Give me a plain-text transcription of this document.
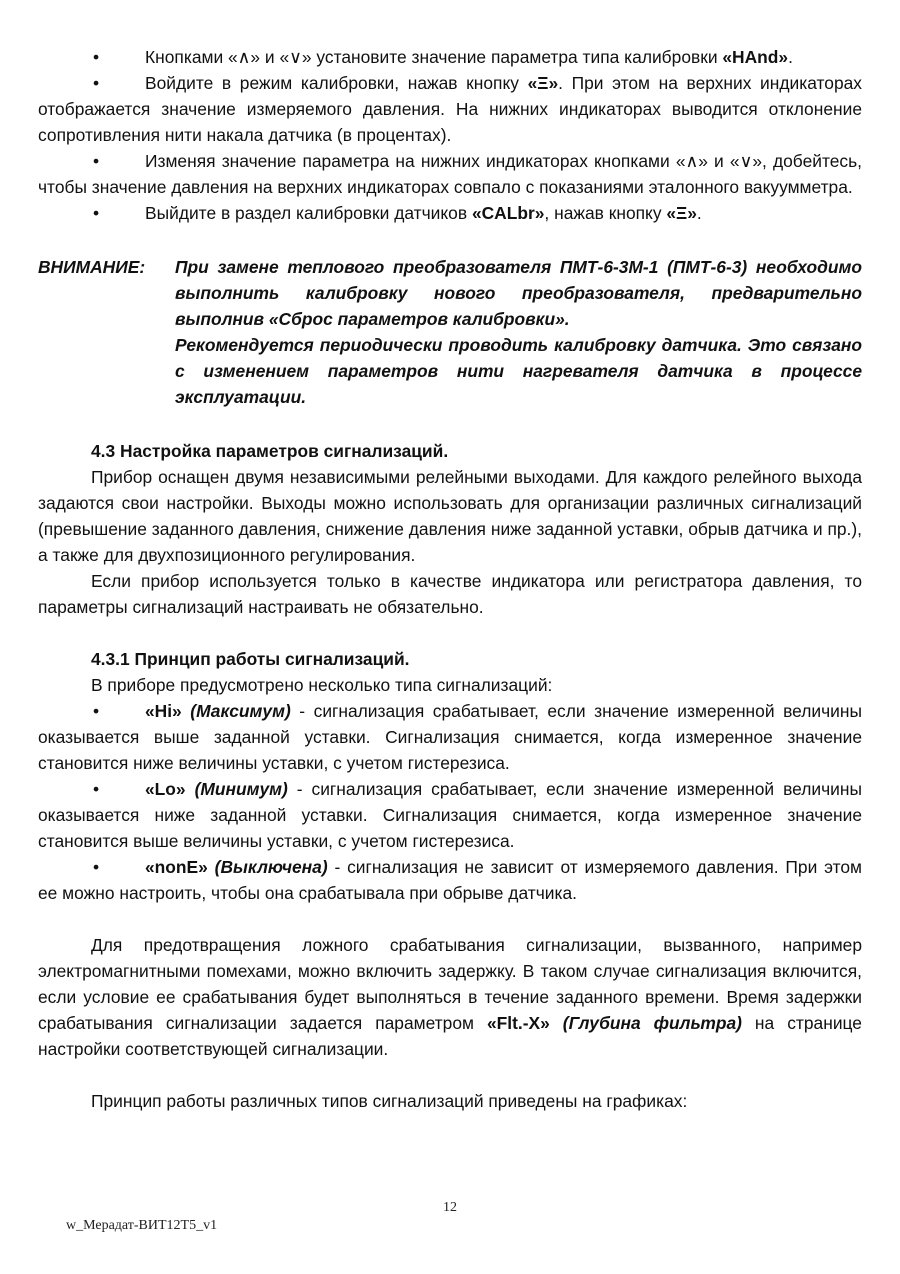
•	Кнопками «∧» и «∨» установите значение параметра типа калибровки «HAnd».

•	Войдите в режим калибровки, нажав кнопку «Ξ». При этом на верхних индикаторах отображается значение измеряемого давления. На нижних индикаторах выводится отклонение сопротивления нити накала датчика (в процентах).

•	Изменяя значение параметра на нижних индикаторах кнопками «∧» и «∨», добейтесь, чтобы значение давления на верхних индикаторах совпало с показаниями эталонного вакуумметра.

•	Выйдите в раздел калибровки датчиков «CALbr», нажав кнопку «Ξ».

ВНИМАНИЕ:	При замене теплового преобразователя ПМТ-6-3М-1 (ПМТ-6-3) необходимо выполнить калибровку нового преобразователя, предварительно выполнив «Сброс параметров калибровки».

Рекомендуется периодически проводить калибровку датчика. Это связано с изменением параметров нити нагревателя датчика в процессе эксплуатации.

4.3 Настройка параметров сигнализаций.

Прибор оснащен двумя независимыми релейными выходами. Для каждого релейного выхода задаются свои настройки. Выходы можно использовать для организации различных сигнализаций (превышение заданного давления, снижение давления ниже заданной уставки, обрыв датчика и пр.), а также для двухпозиционного регулирования.

Если прибор используется только в качестве индикатора или регистратора давления, то параметры сигнализаций настраивать не обязательно.

4.3.1 Принцип работы сигнализаций.

В приборе предусмотрено несколько типа сигнализаций:

•	«Hi» (Максимум) - сигнализация срабатывает, если значение измеренной величины оказывается выше заданной уставки. Сигнализация снимается, когда измеренное значение становится ниже величины уставки, с учетом гистерезиса.

•	«Lo» (Минимум) - сигнализация срабатывает, если значение измеренной величины оказывается ниже заданной уставки. Сигнализация снимается, когда измеренное значение становится выше величины уставки, с учетом гистерезиса.

•	«nonE» (Выключена) - сигнализация не зависит от измеряемого давления. При этом ее можно настроить, чтобы она срабатывала при обрыве датчика.

Для предотвращения ложного срабатывания сигнализации, вызванного, например электромагнитными помехами, можно включить задержку. В таком случае сигнализация включится, если условие ее срабатывания будет выполняться в течение заданного времени. Время задержки срабатывания сигнализации задается параметром «Flt.-X» (Глубина фильтра) на странице настройки соответствующей сигнализации.

Принцип работы различных типов сигнализаций приведены на графиках:

12
w_Мерадат-ВИТ12Т5_v1
